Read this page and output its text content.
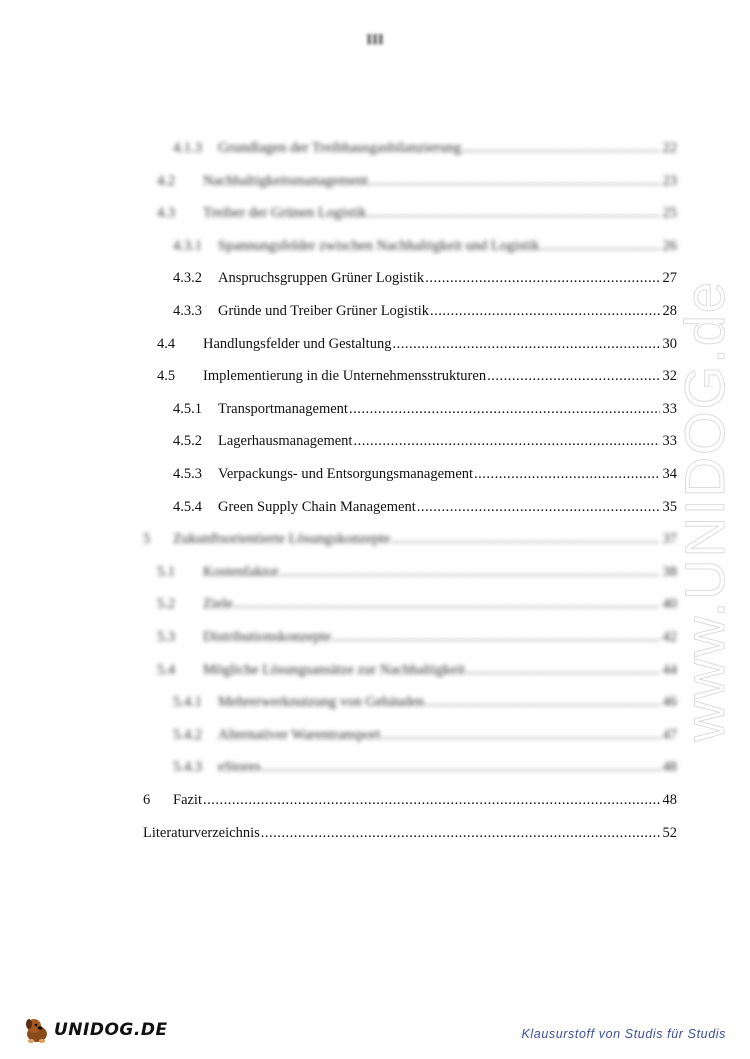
III
www.UNIDOG.de
4.1.3 Grundlagen der Treibhausgasbilanzierung .....	22
4.2 Nachhaltigkeitsmanagement .....	23
4.3 Treiber der Grünen Logistik .....	25
4.3.1 Spannungsfelder zwischen Nachhaltigkeit und Logistik .....	26
4.3.2 Anspruchsgruppen Grüner Logistik .....	27
4.3.3 Gründe und Treiber Grüner Logistik .....	28
4.4 Handlungsfelder und Gestaltung .....	30
4.5 Implementierung in die Unternehmensstrukturen .....	32
4.5.1 Transportmanagement .....	33
4.5.2 Lagerhausmanagement .....	33
4.5.3 Verpackungs- und Entsorgungsmanagement .....	34
4.5.4 Green Supply Chain Management .....	35
5 Zukunftsorientierte Lösungskonzepte .....	37
5.1 Kostenfaktor .....	38
5.2 Ziele .....	40
5.3 Distributionskonzepte .....	42
5.4 Mögliche Lösungsansätze zur Nachhaltigkeit .....	44
5.4.1 Mehrerwerknutzung von Gebäuden .....	46
5.4.2 Alternativer Warentransport .....	47
5.4.3 eStores .....	48
6 Fazit .....	48
Literaturverzeichnis .....	52
UNIDOG.DE	Klausurstoff von Studis für Studis
